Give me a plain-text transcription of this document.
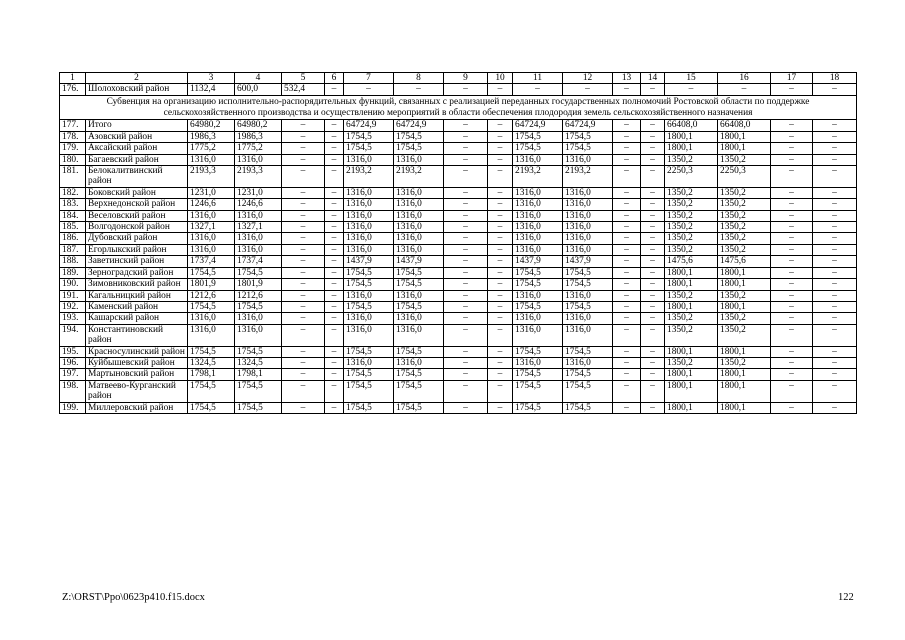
1	2	3	4	5	6	7	8	9	10	11	12	13	14	15	16	17	18
176.	Шолоховский район	1132,4	600,0	532,4	–	–	–	–	–	–	–	–	–	–	–	–	–
Субвенция на организацию исполнительно-распорядительных функций, связанных с реализацией переданных государственных полномочий Ростовской области по поддержке сельскохозяйственного производства и осуществлению мероприятий в области обеспечения плодородия земель сельскохозяйственного назначения																	
177.	Итого	64980,2	64980,2	–	–	64724,9	64724,9	–	–	64724,9	64724,9	–	–	66408,0	66408,0	–	–
178.	Азовский район	1986,3	1986,3	–	–	1754,5	1754,5	–	–	1754,5	1754,5	–	–	1800,1	1800,1	–	–
179.	Аксайский район	1775,2	1775,2	–	–	1754,5	1754,5	–	–	1754,5	1754,5	–	–	1800,1	1800,1	–	–
180.	Багаевский район	1316,0	1316,0	–	–	1316,0	1316,0	–	–	1316,0	1316,0	–	–	1350,2	1350,2	–	–
181.	Белокалитвинский район	2193,3	2193,3	–	–	2193,2	2193,2	–	–	2193,2	2193,2	–	–	2250,3	2250,3	–	–
182.	Боковский район	1231,0	1231,0	–	–	1316,0	1316,0	–	–	1316,0	1316,0	–	–	1350,2	1350,2	–	–
183.	Верхнедонской район	1246,6	1246,6	–	–	1316,0	1316,0	–	–	1316,0	1316,0	–	–	1350,2	1350,2	–	–
184.	Веселовский район	1316,0	1316,0	–	–	1316,0	1316,0	–	–	1316,0	1316,0	–	–	1350,2	1350,2	–	–
185.	Волгодонской район	1327,1	1327,1	–	–	1316,0	1316,0	–	–	1316,0	1316,0	–	–	1350,2	1350,2	–	–
186.	Дубовский район	1316,0	1316,0	–	–	1316,0	1316,0	–	–	1316,0	1316,0	–	–	1350,2	1350,2	–	–
187.	Егорлыкский район	1316,0	1316,0	–	–	1316,0	1316,0	–	–	1316,0	1316,0	–	–	1350,2	1350,2	–	–
188.	Заветинский район	1737,4	1737,4	–	–	1437,9	1437,9	–	–	1437,9	1437,9	–	–	1475,6	1475,6	–	–
189.	Зерноградский район	1754,5	1754,5	–	–	1754,5	1754,5	–	–	1754,5	1754,5	–	–	1800,1	1800,1	–	–
190.	Зимовниковский район	1801,9	1801,9	–	–	1754,5	1754,5	–	–	1754,5	1754,5	–	–	1800,1	1800,1	–	–
191.	Кагальницкий район	1212,6	1212,6	–	–	1316,0	1316,0	–	–	1316,0	1316,0	–	–	1350,2	1350,2	–	–
192.	Каменский район	1754,5	1754,5	–	–	1754,5	1754,5	–	–	1754,5	1754,5	–	–	1800,1	1800,1	–	–
193.	Кашарский район	1316,0	1316,0	–	–	1316,0	1316,0	–	–	1316,0	1316,0	–	–	1350,2	1350,2	–	–
194.	Константиновский район	1316,0	1316,0	–	–	1316,0	1316,0	–	–	1316,0	1316,0	–	–	1350,2	1350,2	–	–
195.	Красносулинский район	1754,5	1754,5	–	–	1754,5	1754,5	–	–	1754,5	1754,5	–	–	1800,1	1800,1	–	–
196.	Куйбышевский район	1324,5	1324,5	–	–	1316,0	1316,0	–	–	1316,0	1316,0	–	–	1350,2	1350,2	–	–
197.	Мартыновский район	1798,1	1798,1	–	–	1754,5	1754,5	–	–	1754,5	1754,5	–	–	1800,1	1800,1	–	–
198.	Матвеево-Курганский район	1754,5	1754,5	–	–	1754,5	1754,5	–	–	1754,5	1754,5	–	–	1800,1	1800,1	–	–
199.	Миллеровский район	1754,5	1754,5	–	–	1754,5	1754,5	–	–	1754,5	1754,5	–	–	1800,1	1800,1	–	–
Z:\ORST\Ppo\0623p410.f15.docx	122
